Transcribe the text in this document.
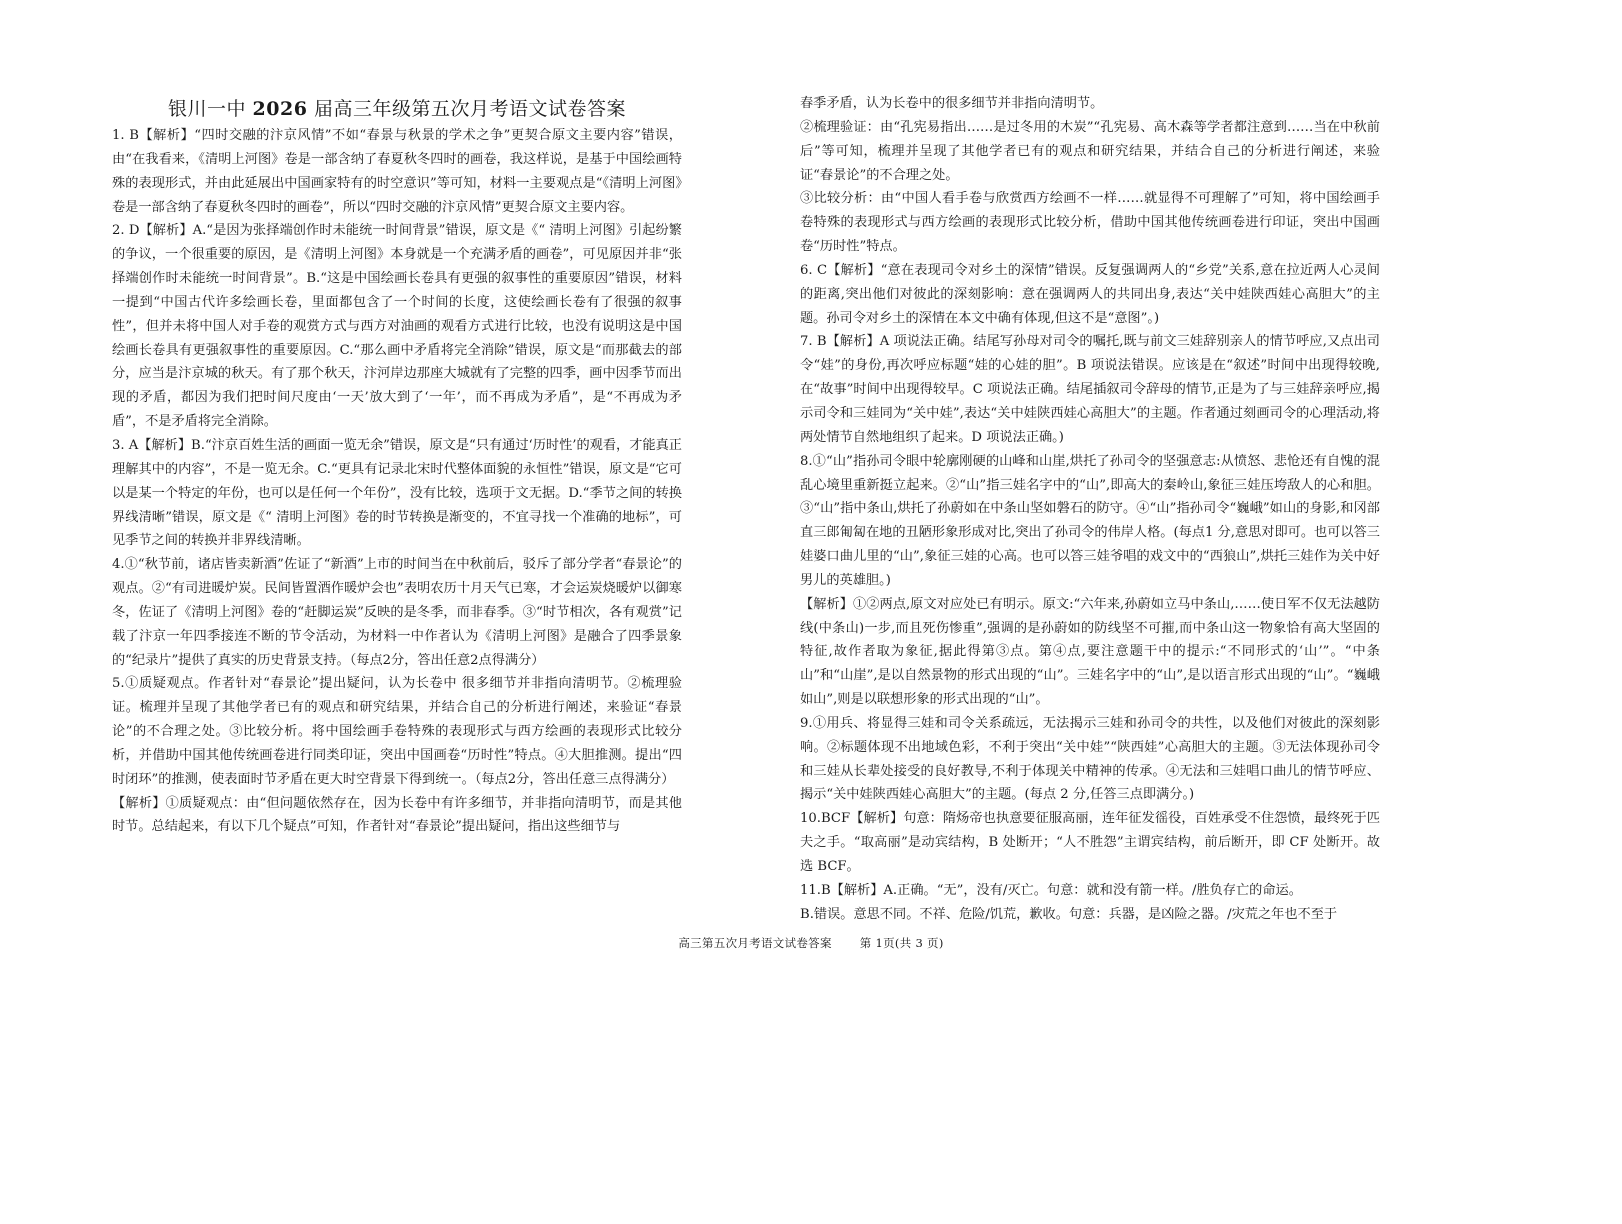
银川一中 2026 届高三年级第五次月考语文试卷答案

1. B【解析】“四时交融的汴京风情”不如“春景与秋景的学术之争”更契合原文主要内容”错误，由“在我看来，《清明上河图》卷是一部含纳了春夏秋冬四时的画卷，我这样说，是基于中国绘画特殊的表现形式，并由此延展出中国画家特有的时空意识”等可知，材料一主要观点是“《清明上河图》卷是一部含纳了春夏秋冬四时的画卷”，所以“四时交融的汴京风情”更契合原文主要内容。

2. D【解析】A.“是因为张择端创作时未能统一时间背景”错误，原文是《“ 清明上河图》引起纷繁的争议，一个很重要的原因，是《清明上河图》本身就是一个充满矛盾的画卷”，可见原因并非“张择端创作时未能统一时间背景”。B.“这是中国绘画长卷具有更强的叙事性的重要原因”错误，材料一提到“中国古代许多绘画长卷，里面都包含了一个时间的长度，这使绘画长卷有了很强的叙事性”，但并未将中国人对手卷的观赏方式与西方对油画的观看方式进行比较，也没有说明这是中国绘画长卷具有更强叙事性的重要原因。C.“那么画中矛盾将完全消除”错误，原文是“而那截去的部分，应当是汴京城的秋天。有了那个秋天，汴河岸边那座大城就有了完整的四季，画中因季节而出现的矛盾，都因为我们把时间尺度由‘一天’放大到了‘一年’，而不再成为矛盾”，是“不再成为矛盾”，不是矛盾将完全消除。

3. A【解析】B.“汴京百姓生活的画面一览无余”错误，原文是“只有通过‘历时性’的观看，才能真正理解其中的内容”，不是一览无余。C.“更具有记录北宋时代整体面貌的永恒性”错误，原文是“它可以是某一个特定的年份，也可以是任何一个年份”，没有比较，选项于文无据。D.“季节之间的转换界线清晰”错误，原文是《“ 清明上河图》卷的时节转换是渐变的，不宜寻找一个准确的地标”，可见季节之间的转换并非界线清晰。

4.①“秋节前，诸店皆卖新酒”佐证了“新酒”上市的时间当在中秋前后，驳斥了部分学者“春景论”的观点。②“有司进暖炉炭。民间皆置酒作暖炉会也”表明农历十月天气已寒，才会运炭烧暖炉以御寒冬，佐证了《清明上河图》卷的“赶脚运炭”反映的是冬季，而非春季。③“时节相次，各有观赏”记载了汴京一年四季接连不断的节令活动，为材料一中作者认为《清明上河图》是融合了四季景象的“纪录片”提供了真实的历史背景支持。（每点2分，答出任意2点得满分）

5.①质疑观点。作者针对“春景论”提出疑问，认为长卷中 很多细节并非指向清明节。②梳理验证。梳理并呈现了其他学者已有的观点和研究结果，并结合自己的分析进行阐述，来验证“春景论”的不合理之处。③比较分析。将中国绘画手卷特殊的表现形式与西方绘画的表现形式比较分析，并借助中国其他传统画卷进行同类印证，突出中国画卷“历时性”特点。④大胆推测。提出“四时闭环”的推测，使表面时节矛盾在更大时空背景下得到统一。（每点2分，答出任意三点得满分）

【解析】①质疑观点：由“但问题依然存在，因为长卷中有许多细节，并非指向清明节，而是其他时节。总结起来，有以下几个疑点”可知，作者针对“春景论”提出疑问，指出这些细节与

春季矛盾，认为长卷中的很多细节并非指向清明节。

②梳理验证：由“孔宪易指出……是过冬用的木炭”“孔宪易、高木森等学者都注意到……当在中秋前后”等可知，梳理并呈现了其他学者已有的观点和研究结果，并结合自己的分析进行阐述，来验证“春景论”的不合理之处。

③比较分析：由“中国人看手卷与欣赏西方绘画不一样……就显得不可理解了”可知，将中国绘画手卷特殊的表现形式与西方绘画的表现形式比较分析，借助中国其他传统画卷进行印证，突出中国画卷“历时性”特点。

6. C【解析】“意在表现司令对乡土的深情”错误。反复强调两人的“乡党”关系,意在拉近两人心灵间的距离,突出他们对彼此的深刻影响：意在强调两人的共同出身,表达“关中娃陕西娃心高胆大”的主题。孙司令对乡土的深情在本文中确有体现,但这不是“意图”。)

7. B【解析】A 项说法正确。结尾写孙母对司令的嘱托,既与前文三娃辞别亲人的情节呼应,又点出司令“娃”的身份,再次呼应标题“娃的心娃的胆”。B 项说法错误。应该是在“叙述”时间中出现得较晚,在“故事”时间中出现得较早。C 项说法正确。结尾插叙司令辞母的情节,正是为了与三娃辞亲呼应,揭示司令和三娃同为“关中娃”,表达“关中娃陕西娃心高胆大”的主题。作者通过刻画司令的心理活动,将两处情节自然地组织了起来。D 项说法正确。)

8.①“山”指孙司令眼中轮廓刚硬的山峰和山崖,烘托了孙司令的坚强意志:从愤怒、悲怆还有自愧的混乱心境里重新挺立起来。②“山”指三娃名字中的“山”,即高大的秦岭山,象征三娃压垮敌人的心和胆。③“山”指中条山,烘托了孙蔚如在中条山坚如磐石的防守。④“山”指孙司令“巍峨”如山的身影,和冈部直三郎匍匐在地的丑陋形象形成对比,突出了孙司令的伟岸人格。(每点1 分,意思对即可。也可以答三娃婆口曲儿里的“山”,象征三娃的心高。也可以答三娃爷唱的戏文中的“西狼山”,烘托三娃作为关中好男儿的英雄胆。)

【解析】①②两点,原文对应处已有明示。原文:“六年来,孙蔚如立马中条山,……使日军不仅无法越防线(中条山)一步,而且死伤惨重”,强调的是孙蔚如的防线坚不可摧,而中条山这一物象恰有高大坚固的特征,故作者取为象征,据此得第③点。第④点,要注意题干中的提示:“不同形式的‘山’”。“中条山”和“山崖”,是以自然景物的形式出现的“山”。三娃名字中的“山”,是以语言形式出现的“山”。“巍峨如山”,则是以联想形象的形式出现的“山”。

9.①用兵、将显得三娃和司令关系疏远，无法揭示三娃和孙司令的共性，以及他们对彼此的深刻影响。②标题体现不出地域色彩，不利于突出“关中娃”“陕西娃”心高胆大的主题。③无法体现孙司令和三娃从长辈处接受的良好教导,不利于体现关中精神的传承。④无法和三娃唱口曲儿的情节呼应、揭示“关中娃陕西娃心高胆大”的主题。(每点 2 分,任答三点即满分。)

10.BCF【解析】句意：隋炀帝也执意要征服高丽，连年征发徭役，百姓承受不住怨愤，最终死于匹夫之手。“取高丽”是动宾结构，B 处断开；“人不胜怨”主谓宾结构，前后断开，即 CF 处断开。故选 BCF。

11.B【解析】A.正确。“无”，没有/灭亡。句意：就和没有箭一样。/胜负存亡的命运。

B.错误。意思不同。不祥、危险/饥荒，歉收。句意：兵器，是凶险之器。/灾荒之年也不至于

高三第五次月考语文试卷答案 第 1页(共 3 页)
